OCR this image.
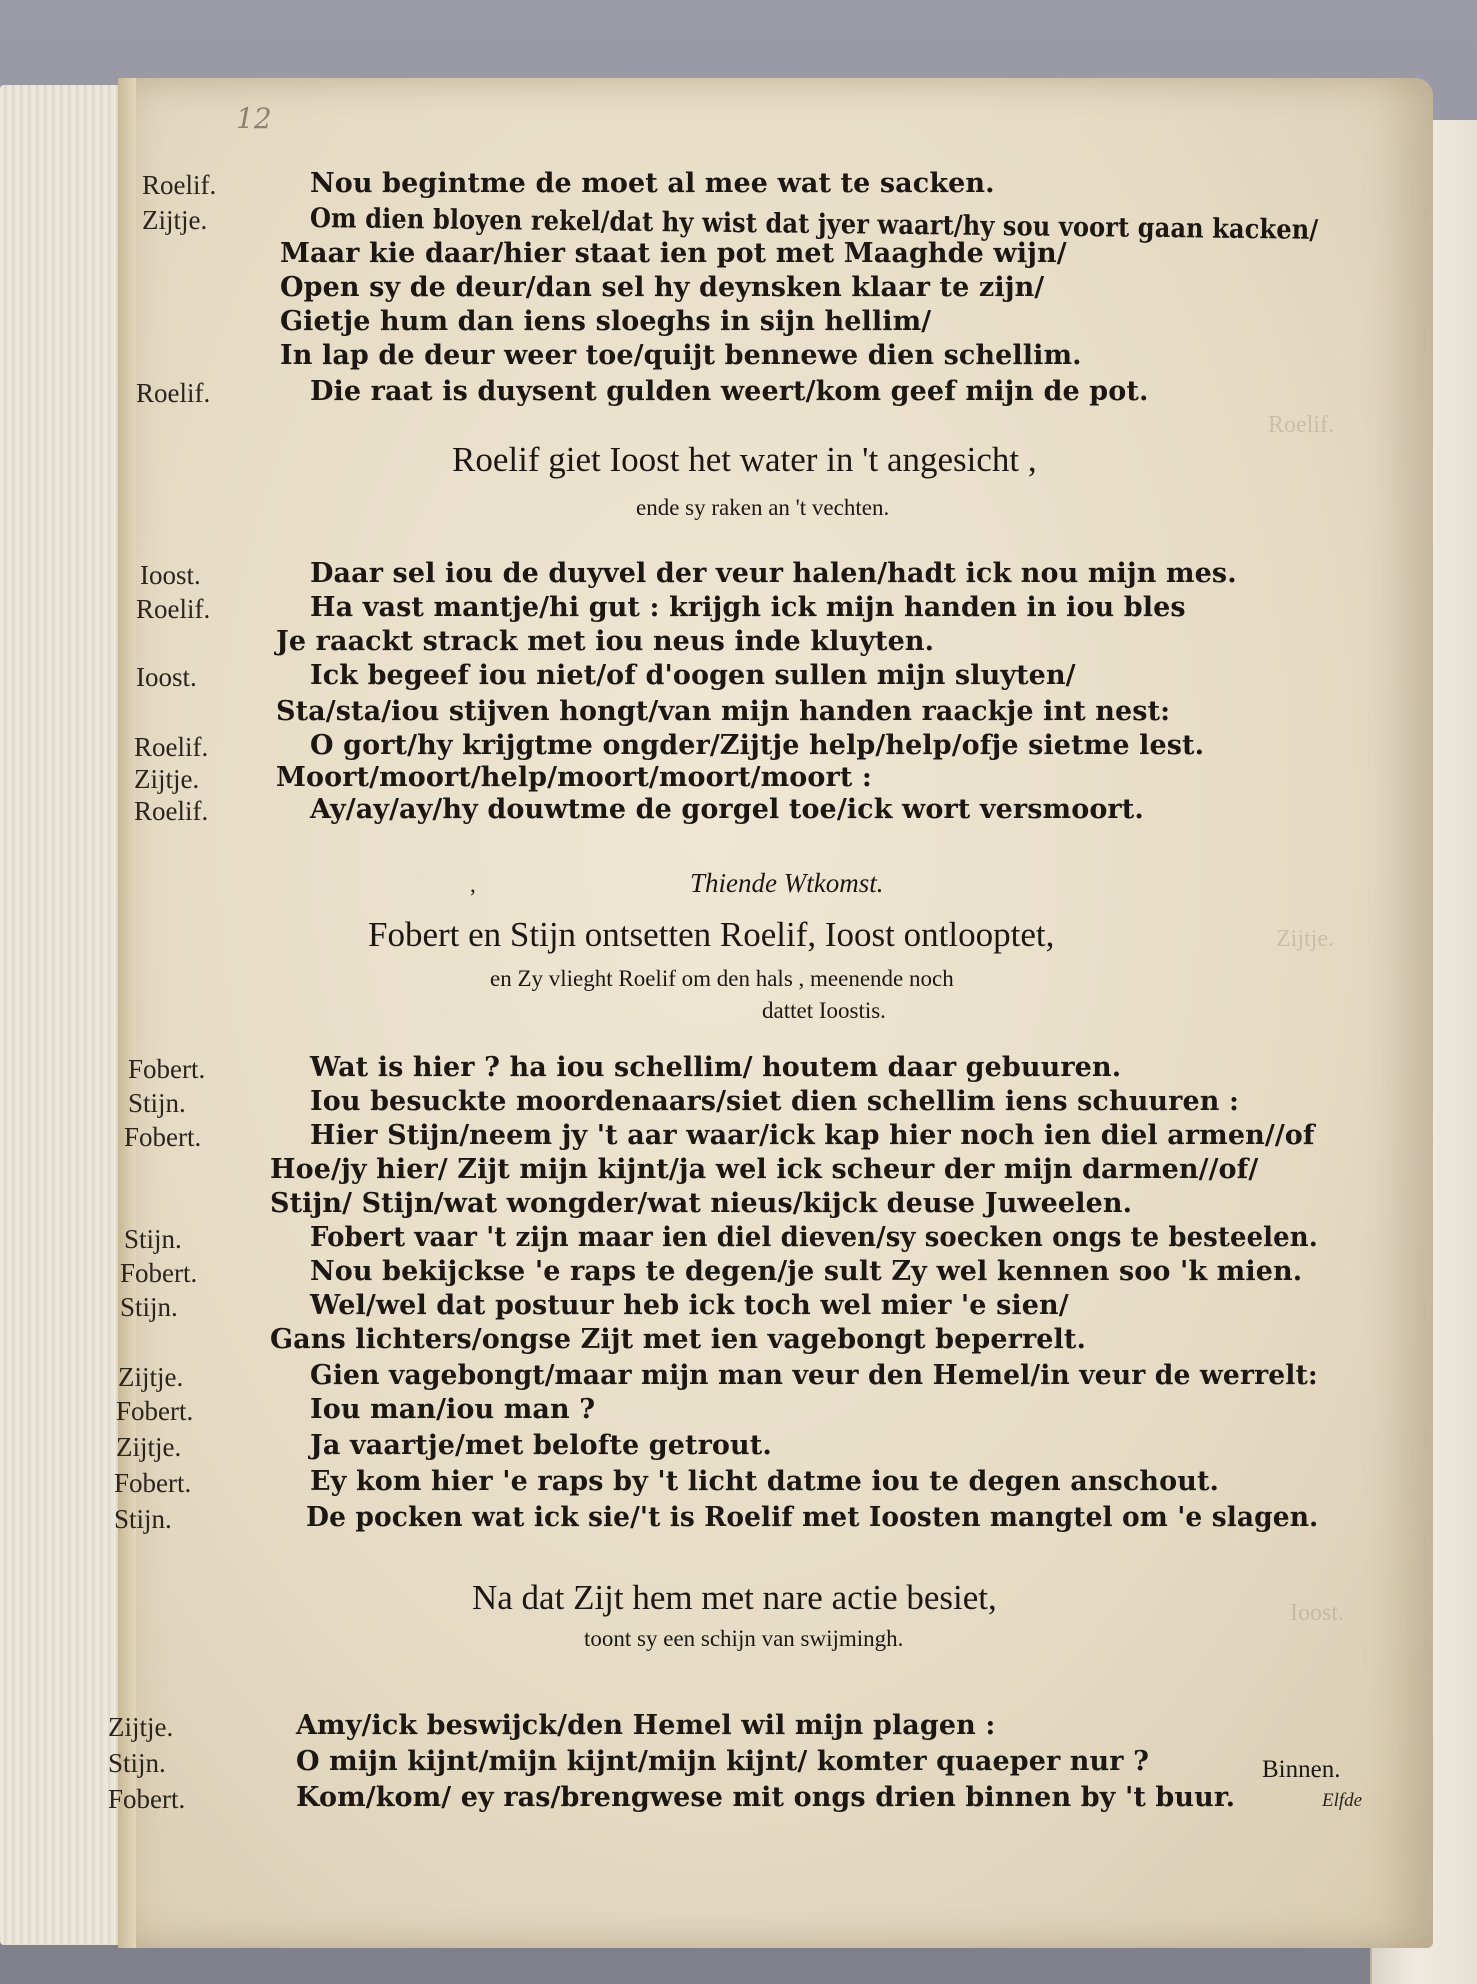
Roelif.
Zijtje.
Ioost.
12
Roelif.	Nou begintme de moet al mee wat te sacken.
Zijtje.	Om dien bloyen rekel/dat hy wist dat jyer waart/hy sou voort gaan kacken/
Maar kie daar/hier staat ien pot met Maaghde wijn/
Open sy de deur/dan sel hy deynsken klaar te zijn/
Gietje hum dan iens sloeghs in sijn hellim/
In lap de deur weer toe/quijt bennewe dien schellim.
Roelif.	Die raat is duysent gulden weert/kom geef mijn de pot.
Roelif giet Ioost het water in 't angesicht ,
ende sy raken an 't vechten.
Ioost.	Daar sel iou de duyvel der veur halen/hadt ick nou mijn mes.
Roelif.	Ha vast mantje/hi gut : krijgh ick mijn handen in iou bles
Je raackt strack met iou neus inde kluyten.
Ioost.	Ick begeef iou niet/of d'oogen sullen mijn sluyten/
Sta/sta/iou stijven hongt/van mijn handen raackje int nest:
Roelif.	O gort/hy krijgtme ongder/Zijtje help/help/ofje sietme lest.
Zijtje.	Moort/moort/help/moort/moort/moort :
Roelif.	Ay/ay/ay/hy douwtme de gorgel toe/ick wort versmoort.
,	Thiende Wtkomst.
Fobert en Stijn ontsetten Roelif, Ioost ontlooptet,
en Zy vlieght Roelif om den hals , meenende noch
dattet Ioostis.
Fobert.	Wat is hier ? ha iou schellim/ houtem daar gebuuren.
Stijn.	Iou besuckte moordenaars/siet dien schellim iens schuuren :
Fobert.	Hier Stijn/neem jy 't aar waar/ick kap hier noch ien diel armen//of
Hoe/jy hier/ Zijt mijn kijnt/ja wel ick scheur der mijn darmen//of/
Stijn/ Stijn/wat wongder/wat nieus/kijck deuse Juweelen.
Stijn.	Fobert vaar 't zijn maar ien diel dieven/sy soecken ongs te besteelen.
Fobert.	Nou bekijckse 'e raps te degen/je sult Zy wel kennen soo 'k mien.
Stijn.	Wel/wel dat postuur heb ick toch wel mier 'e sien/
Gans lichters/ongse Zijt met ien vagebongt beperrelt.
Zijtje.	Gien vagebongt/maar mijn man veur den Hemel/in veur de werrelt:
Fobert.	Iou man/iou man ?
Zijtje.	Ja vaartje/met belofte getrout.
Fobert.	Ey kom hier 'e raps by 't licht datme iou te degen anschout.
Stijn.	De pocken wat ick sie/'t is Roelif met Ioosten mangtel om 'e slagen.
Na dat Zijt hem met nare actie besiet,
toont sy een schijn van swijmingh.
Zijtje.	Amy/ick beswijck/den Hemel wil mijn plagen :
Stijn.	O mijn kijnt/mijn kijnt/mijn kijnt/ komter quaeper nur ?
Fobert.	Kom/kom/ ey ras/brengwese mit ongs drien binnen by 't buur.
Binnen.
Elfde
